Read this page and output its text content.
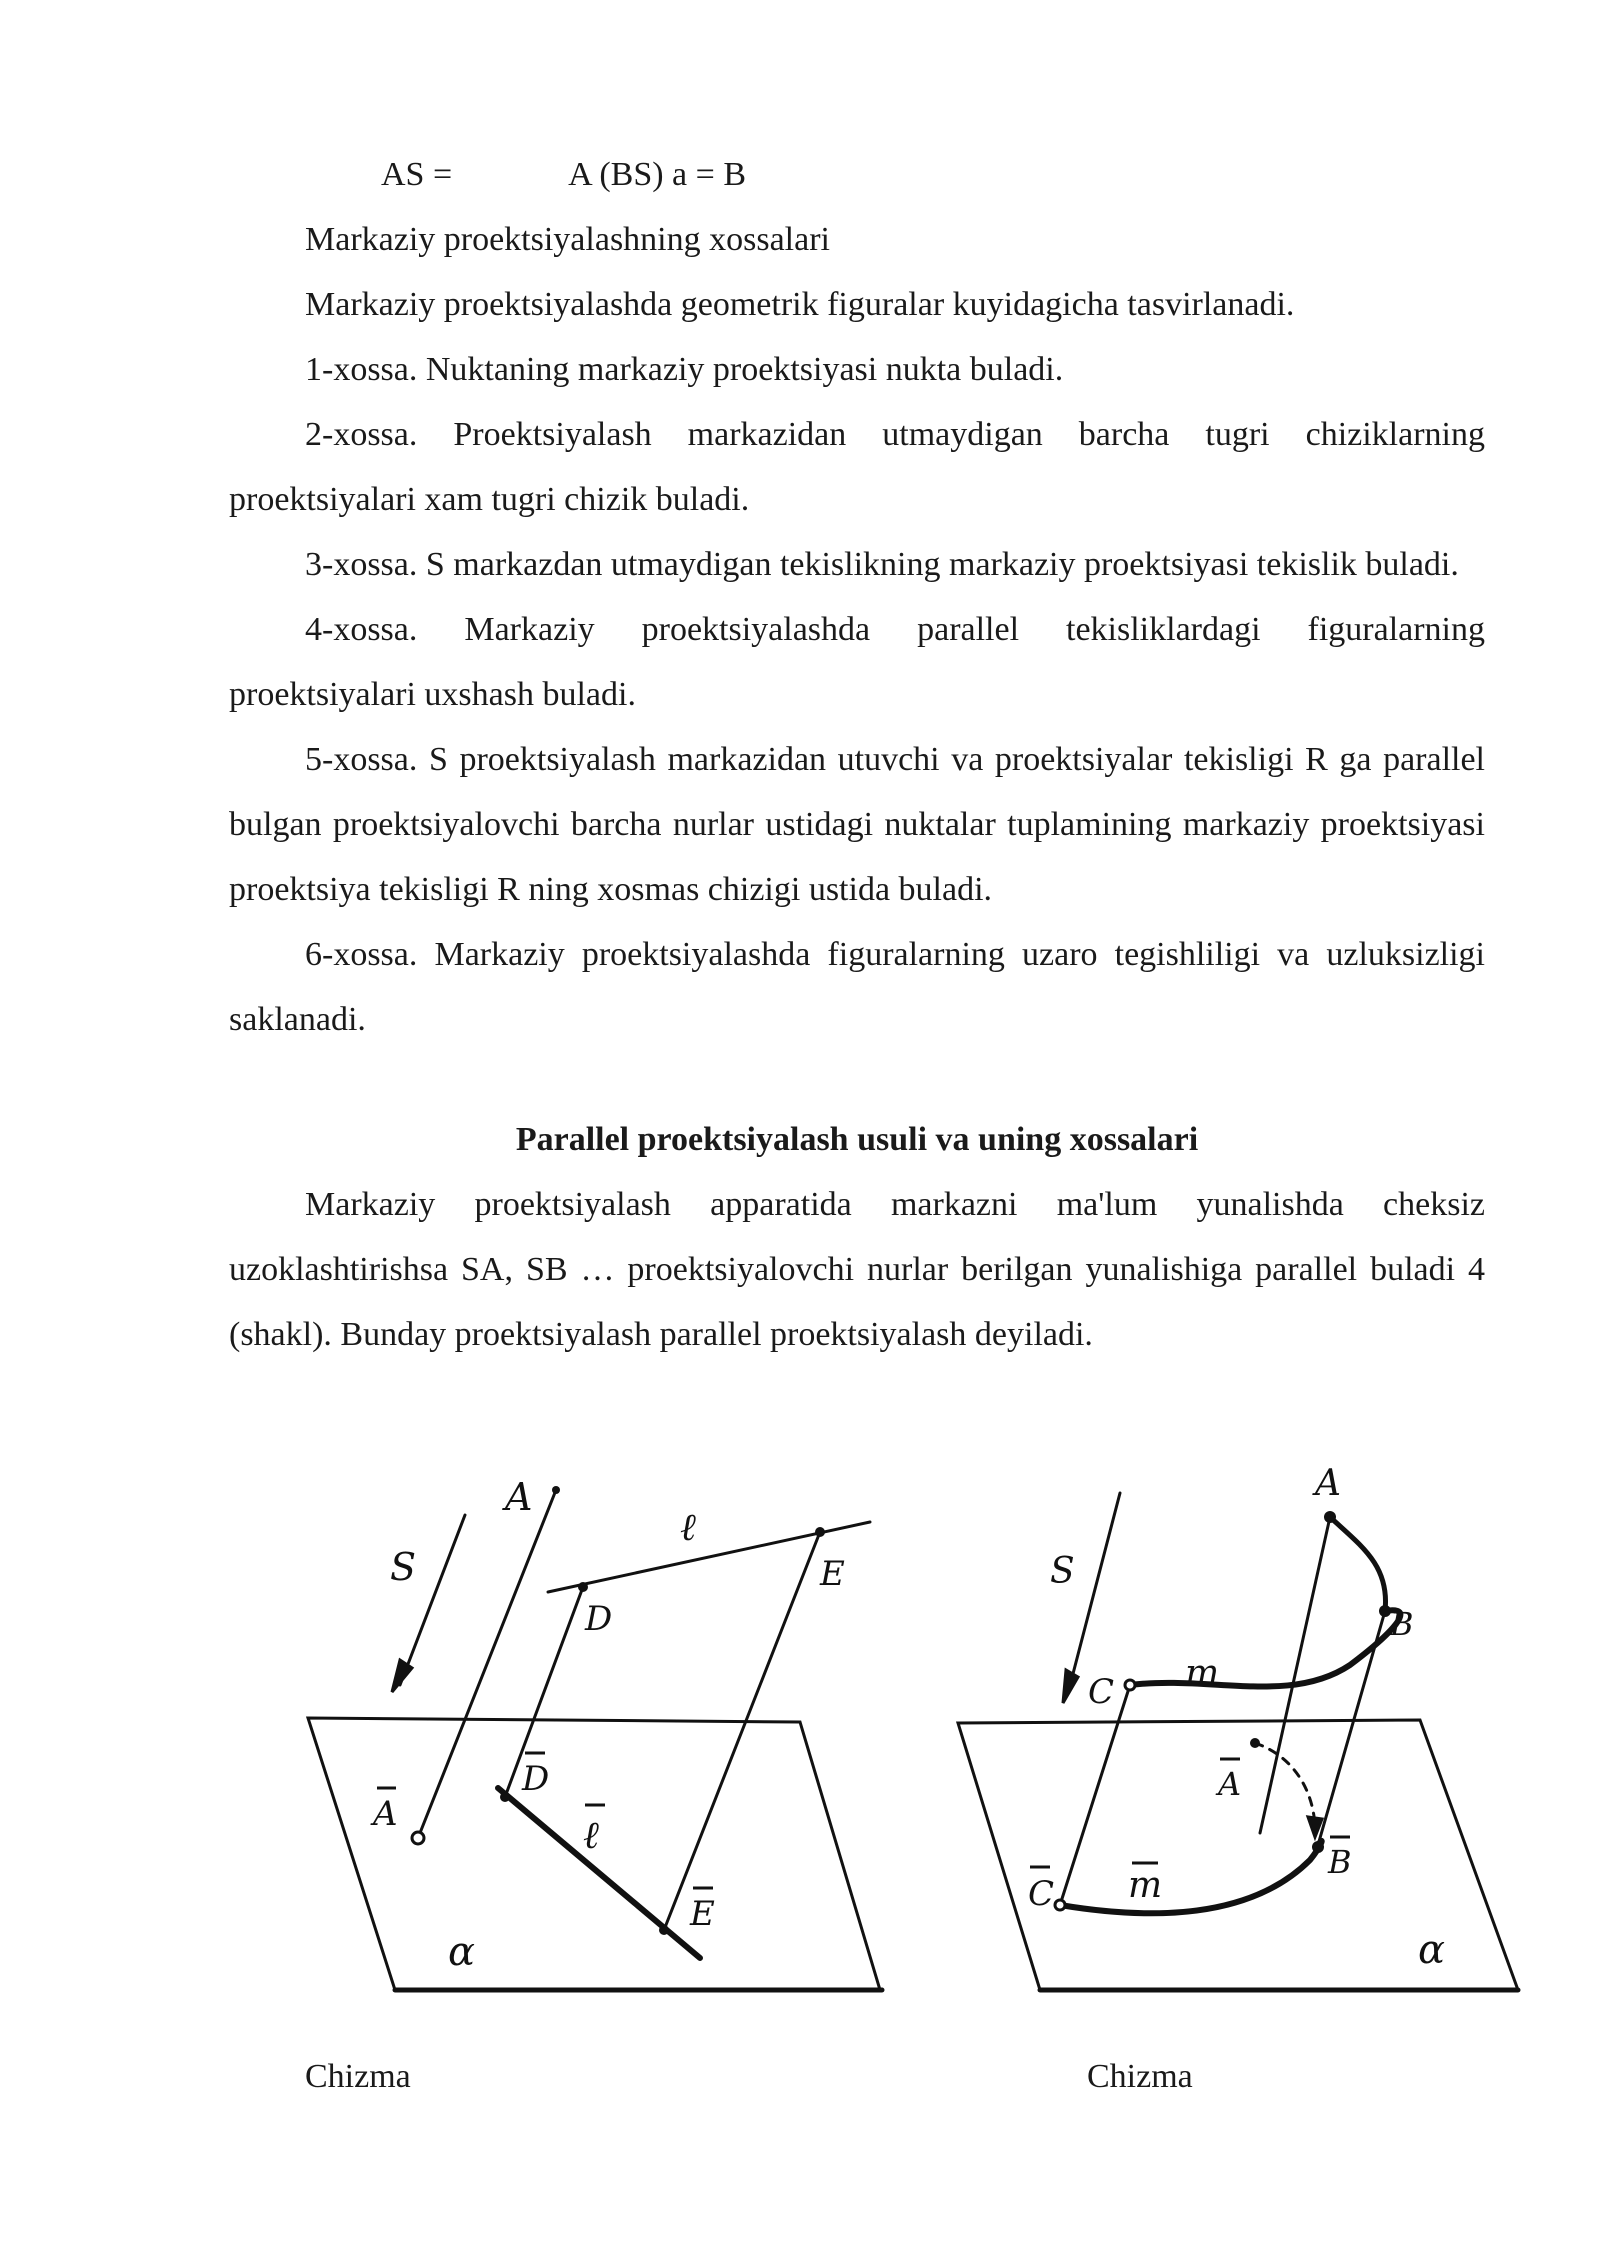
AS =	A (BS) a = B

Markaziy proektsiyalashning xossalari

Markaziy proektsiyalashda geometrik figuralar kuyidagicha tasvirlanadi.

1-xossa. Nuktaning markaziy proektsiyasi nukta buladi.

2-xossa. Proektsiyalash markazidan utmaydigan barcha tugri chiziklarning proektsiyalari xam tugri chizik buladi.

3-xossa. S markazdan utmaydigan tekislikning markaziy proektsiyasi tekislik buladi.

4-xossa. Markaziy proektsiyalashda parallel tekisliklardagi figuralarning proektsiyalari uxshash buladi.

5-xossa. S proektsiyalash markazidan utuvchi va proektsiyalar tekisligi R ga parallel bulgan proektsiyalovchi barcha nurlar ustidagi nuktalar tuplamining markaziy proektsiyasi proektsiya tekisligi R ning xosmas chizigi ustida buladi.

6-xossa. Markaziy proektsiyalashda figuralarning uzaro tegishliligi va uzluksizligi saklanadi.

Parallel proektsiyalash usuli va uning xossalari

Markaziy proektsiyalash apparatida markazni ma'lum yunalishda cheksiz uzoklashtirishsa SA, SB … proektsiyalovchi nurlar berilgan yunalishiga parallel buladi 4 (shakl). Bunday proektsiyalash parallel proektsiyalash deyiladi.

S
A
ℓ
E
D
A
D
ℓ
E
α
S
A
B
C m
A
B
C m
α
Chizma	Chizma
